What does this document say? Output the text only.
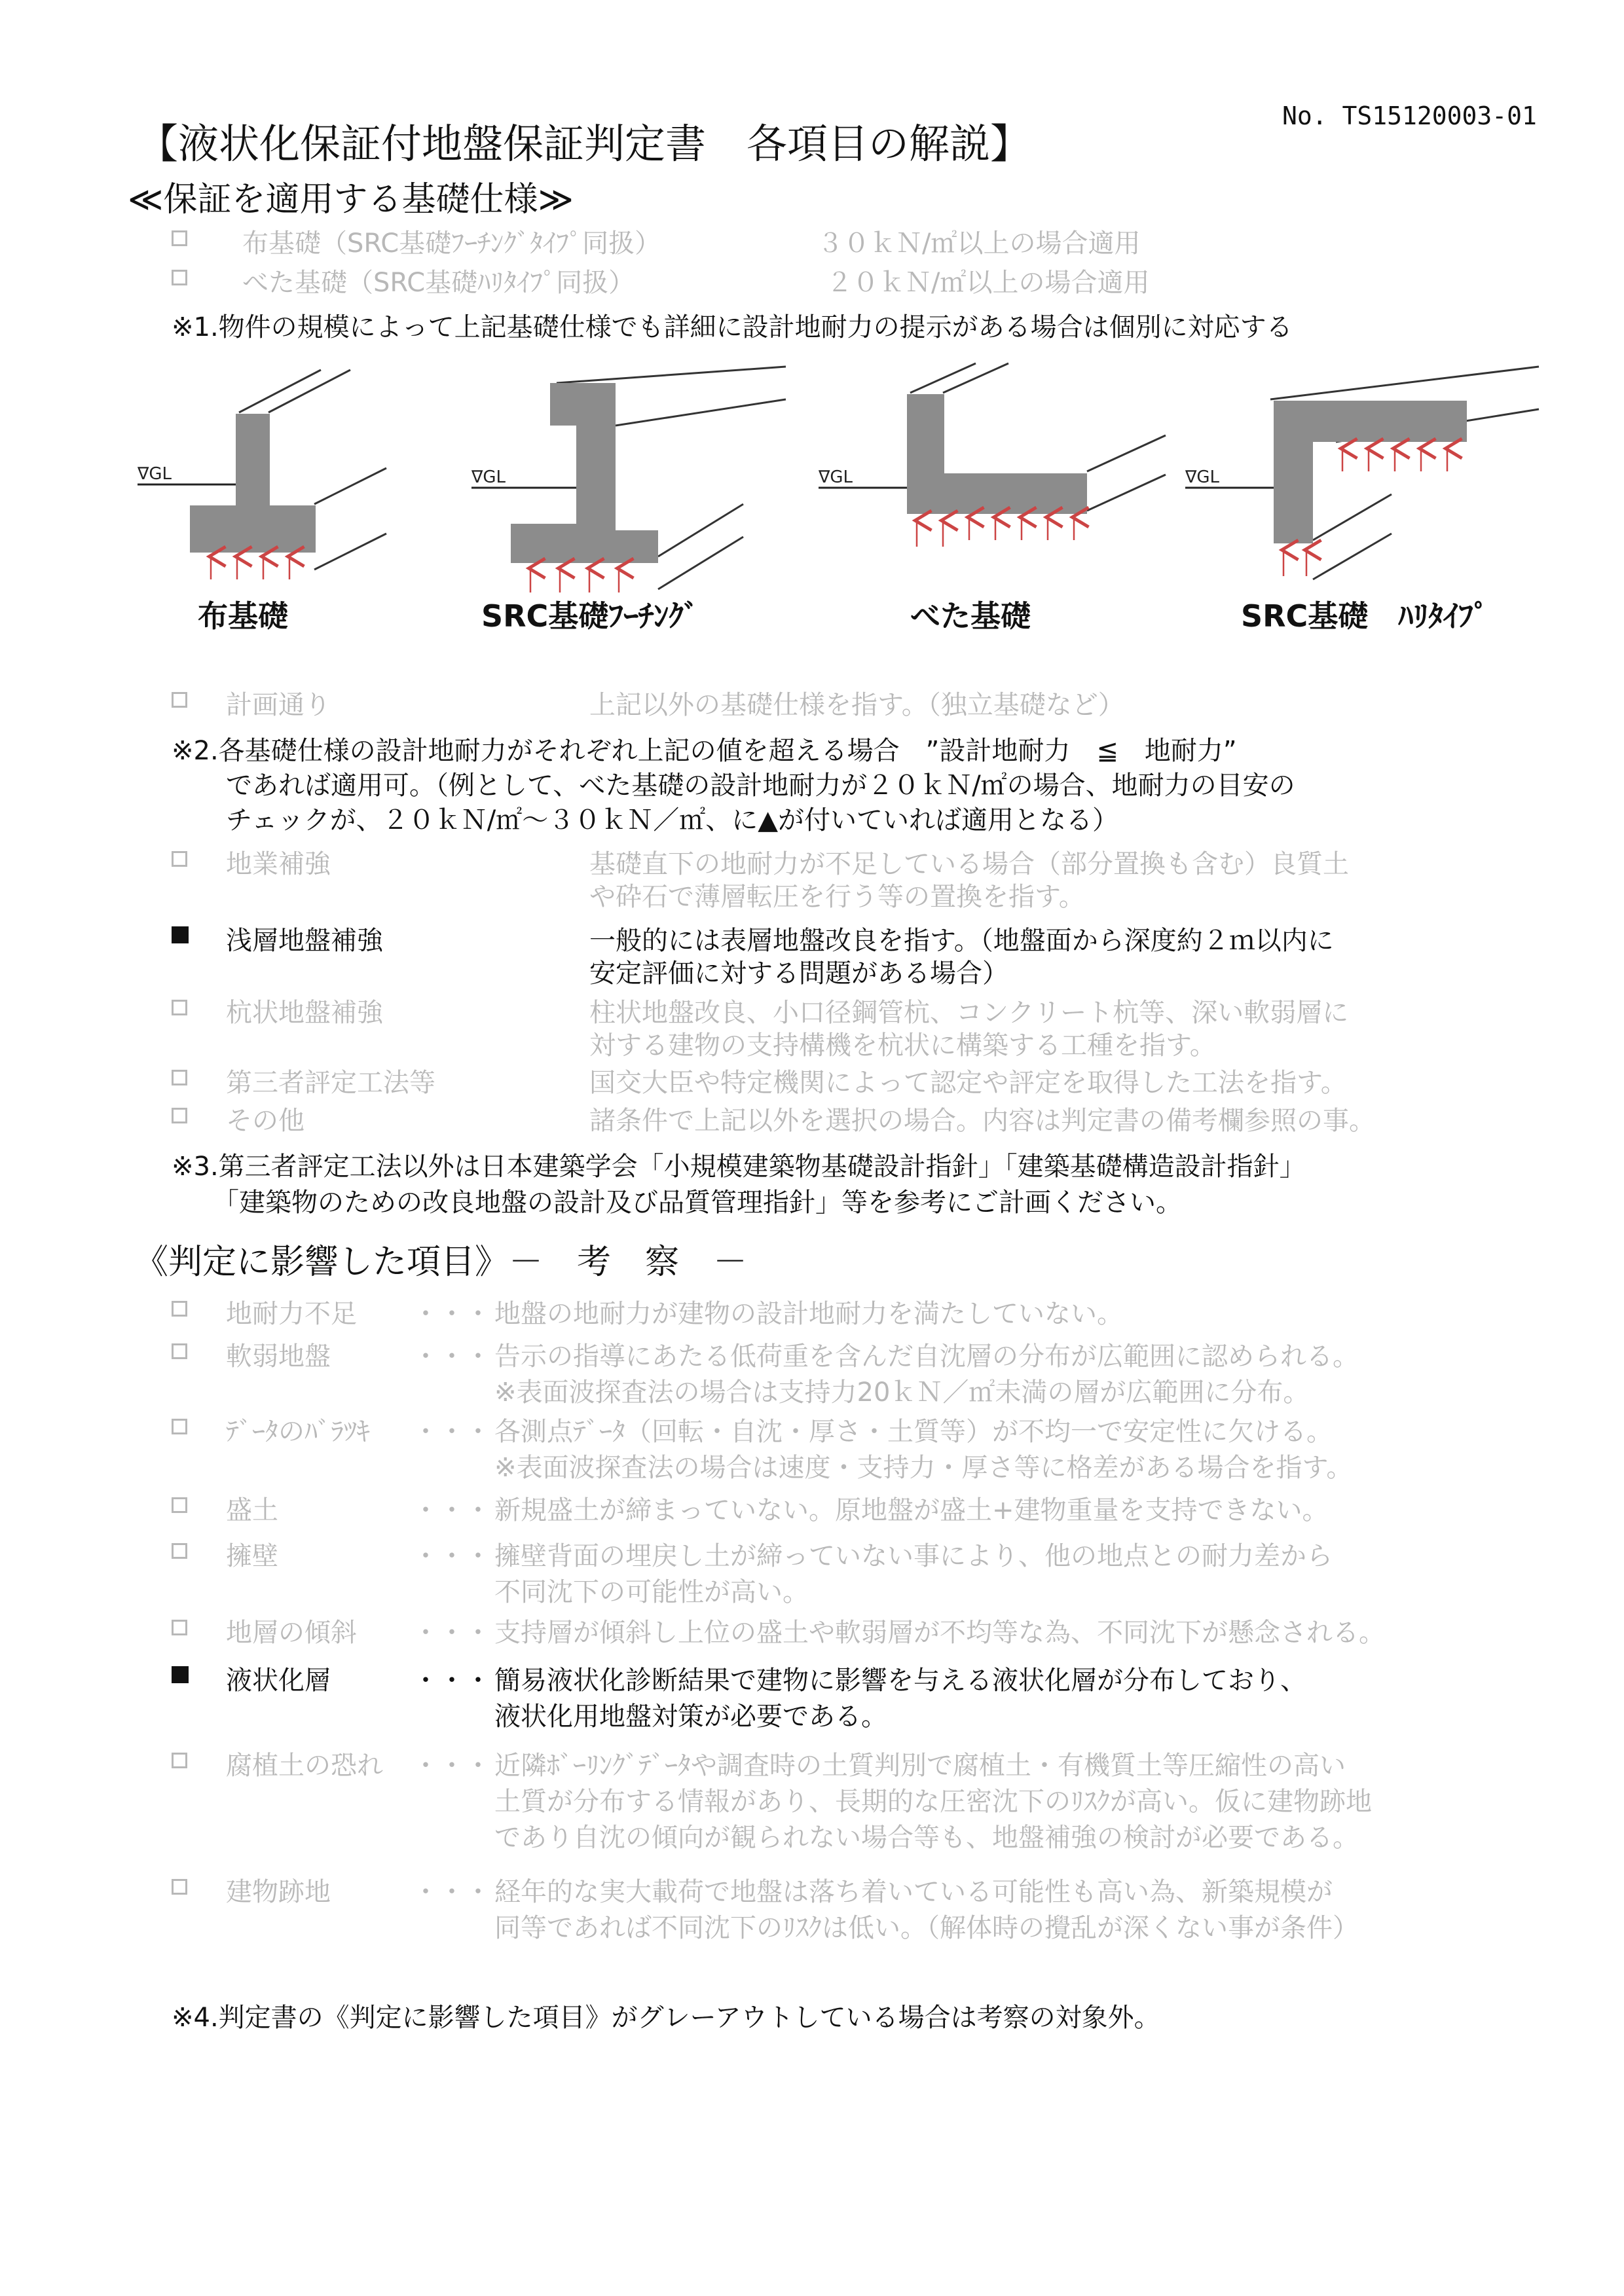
【液状化保証付地盤保証判定書　各項目の解説】
No. TS15120003-01
≪保証を適用する基礎仕様≫
布基礎（SRC基礎ﾌｰﾁﾝｸﾞﾀｲﾌﾟ同扱）	３０ｋＮ/㎡以上の場合適用
べた基礎（SRC基礎ﾊﾘﾀｲﾌﾟ同扱）	２０ｋＮ/㎡以上の場合適用
※1.物件の規模によって上記基礎仕様でも詳細に設計地耐力の提示がある場合は個別に対応する
∇GL	∇GL	∇GL	∇GL
布基礎	SRC基礎ﾌｰﾁﾝｸﾞ	べた基礎	SRC基礎　ﾊﾘﾀｲﾌﾟ
計画通り	上記以外の基礎仕様を指す。（独立基礎など）
※2.各基礎仕様の設計地耐力がそれぞれ上記の値を超える場合　”設計地耐力　≦　地耐力”
であれば適用可。（例として、べた基礎の設計地耐力が２０ｋＮ/㎡の場合、地耐力の目安の
チェックが、２０ｋＮ/㎡～３０ｋＮ／㎡、に▲が付いていれば適用となる）
地業補強	基礎直下の地耐力が不足している場合（部分置換も含む）良質土
や砕石で薄層転圧を行う等の置換を指す。
浅層地盤補強	一般的には表層地盤改良を指す。（地盤面から深度約２ｍ以内に
安定評価に対する問題がある場合）
杭状地盤補強	柱状地盤改良、小口径鋼管杭、コンクリート杭等、深い軟弱層に
対する建物の支持構機を杭状に構築する工種を指す。
第三者評定工法等	国交大臣や特定機関によって認定や評定を取得した工法を指す。
その他	諸条件で上記以外を選択の場合。内容は判定書の備考欄参照の事。
※3.第三者評定工法以外は日本建築学会「小規模建築物基礎設計指針」「建築基礎構造設計指針」
「建築物のための改良地盤の設計及び品質管理指針」等を参考にご計画ください。
《判定に影響した項目》－　考　察　－
地耐力不足 ・・・ 地盤の地耐力が建物の設計地耐力を満たしていない。
軟弱地盤	・・・ 告示の指導にあたる低荷重を含んだ自沈層の分布が広範囲に認められる。
※表面波探査法の場合は支持力20ｋＮ／㎡未満の層が広範囲に分布。
ﾃﾞｰﾀのﾊﾞﾗﾂｷ ・・・ 各測点ﾃﾞｰﾀ（回転・自沈・厚さ・土質等）が不均一で安定性に欠ける。
※表面波探査法の場合は速度・支持力・厚さ等に格差がある場合を指す。
盛土	・・・ 新規盛土が締まっていない。原地盤が盛土+建物重量を支持できない。
擁壁	・・・ 擁壁背面の埋戻し土が締っていない事により、他の地点との耐力差から
不同沈下の可能性が高い。
地層の傾斜 ・・・ 支持層が傾斜し上位の盛土や軟弱層が不均等な為、不同沈下が懸念される。
液状化層	・・・ 簡易液状化診断結果で建物に影響を与える液状化層が分布しており、
液状化用地盤対策が必要である。
腐植土の恐れ ・・・ 近隣ﾎﾞｰﾘﾝｸﾞﾃﾞｰﾀや調査時の土質判別で腐植土・有機質土等圧縮性の高い
土質が分布する情報があり、長期的な圧密沈下のﾘｽｸが高い。仮に建物跡地
であり自沈の傾向が観られない場合等も、地盤補強の検討が必要である。
建物跡地	・・・ 経年的な実大載荷で地盤は落ち着いている可能性も高い為、新築規模が
同等であれば不同沈下のﾘｽｸは低い。（解体時の攪乱が深くない事が条件）
※4.判定書の《判定に影響した項目》がグレーアウトしている場合は考察の対象外。
